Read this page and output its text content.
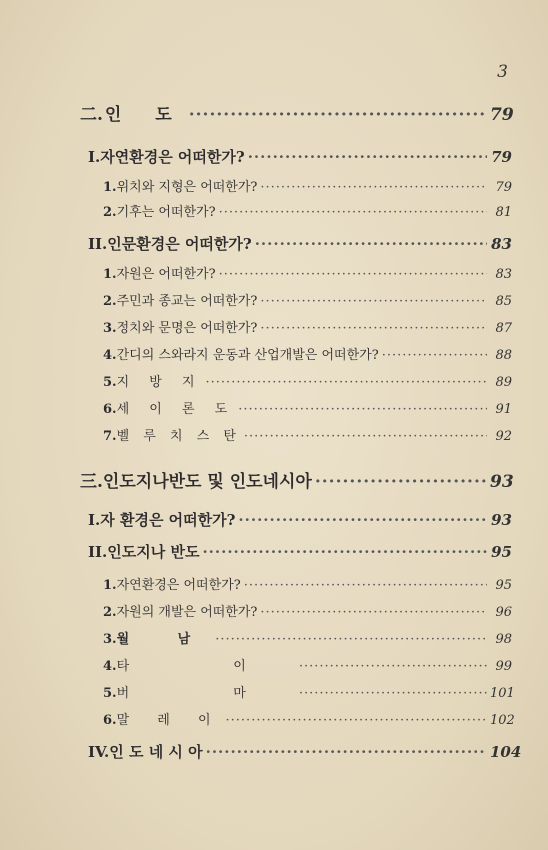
3
二. 인 도 ·····	79
I. 자연환경은 어떠한가? ·····	79
1. 위치와 지형은 어떠한가? ·····	79
2. 기후는 어떠한가? ·····	81
II. 인문환경은 어떠한가? ·····	83
1. 자원은 어떠한가? ·····	83
2. 주민과 종교는 어떠한가? ·····	85
3. 정치와 문명은 어떠한가? ·····	87
4. 간디의 스와라지 운동과 산업개발은 어떠한가? ·····	88
5. 지 방 지 ·····	89
6. 세 이 론 도 ·····	91
7. 벨 루 치 스 탄 ·····	92
三. 인도지나반도 및 인도네시아 ·····	93
I. 자 환경은 어떠한가? ·····	93
II. 인도지나 반도 ·····	95
1. 자연환경은 어떠한가? ·····	95
2. 자원의 개발은 어떠한가? ·····	96
3. 월 남 ·····	98
4. 타 이 ·····	99
5. 버 마 ·····	101
6. 말 레 이 ·····	102
IV. 인 도 네 시 아 ·····	104
